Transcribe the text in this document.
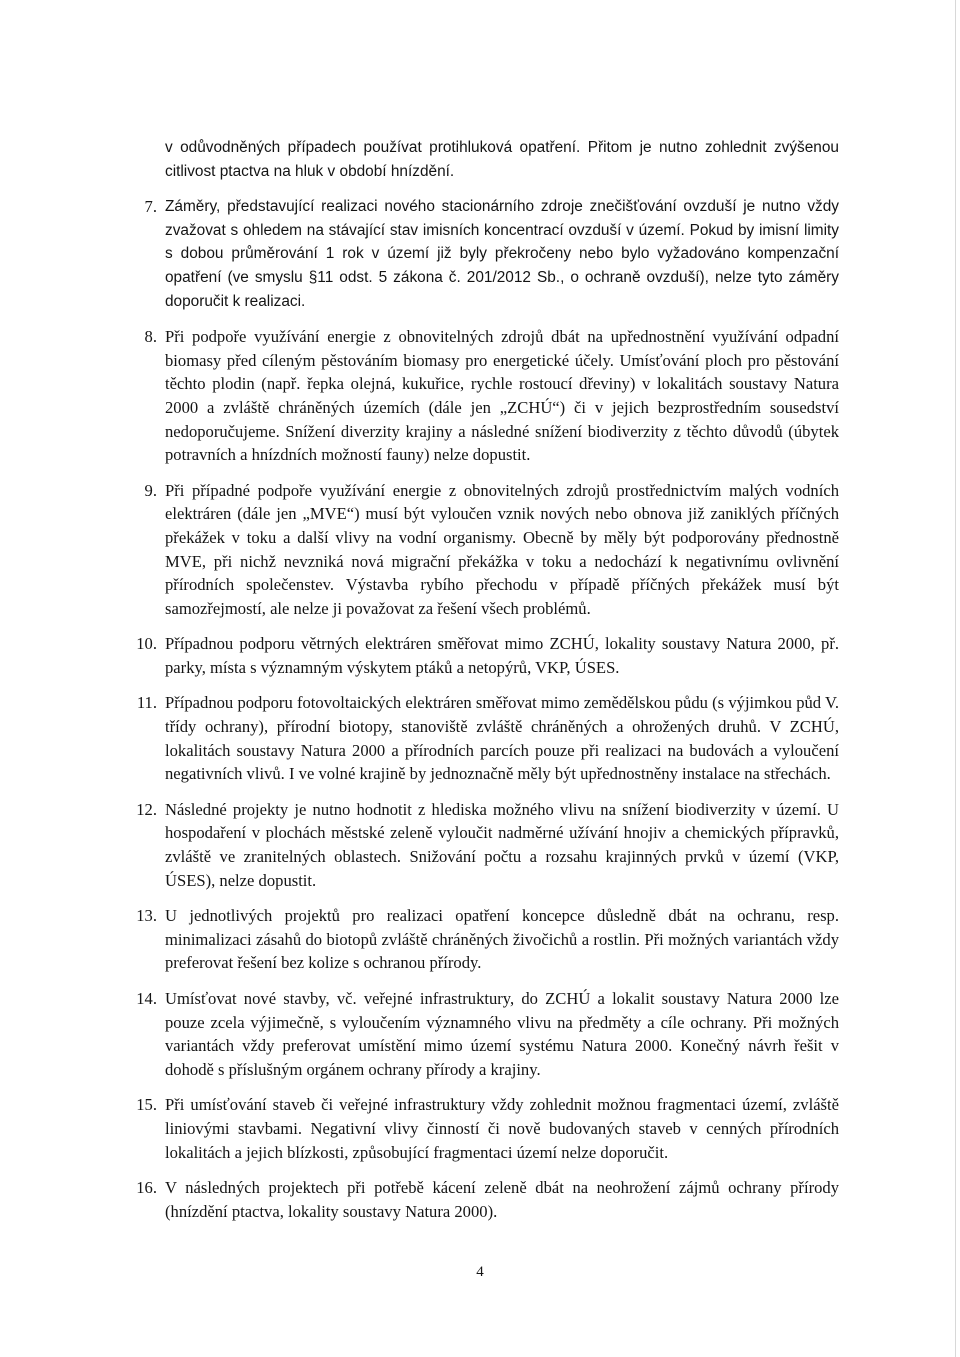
v odůvodněných případech používat protihluková opatření. Přitom je nutno zohlednit zvýšenou citlivost ptactva na hluk v období hnízdění.

7. Záměry, představující realizaci nového stacionárního zdroje znečišťování ovzduší je nutno vždy zvažovat s ohledem na stávající stav imisních koncentrací ovzduší v území. Pokud by imisní limity s dobou průměrování 1 rok v území již byly překročeny nebo bylo vyžadováno kompenzační opatření (ve smyslu §11 odst. 5 zákona č. 201/2012 Sb., o ochraně ovzduší), nelze tyto záměry doporučit k realizaci.

8. Při podpoře využívání energie z obnovitelných zdrojů dbát na upřednostnění využívání odpadní biomasy před cíleným pěstováním biomasy pro energetické účely. Umísťování ploch pro pěstování těchto plodin (např. řepka olejná, kukuřice, rychle rostoucí dřeviny) v lokalitách soustavy Natura 2000 a zvláště chráněných územích (dále jen „ZCHÚ“) či v jejich bezprostředním sousedství nedoporučujeme. Snížení diverzity krajiny a následné snížení biodiverzity z těchto důvodů (úbytek potravních a hnízdních možností fauny) nelze dopustit.

9. Při případné podpoře využívání energie z obnovitelných zdrojů prostřednictvím malých vodních elektráren (dále jen „MVE“) musí být vyloučen vznik nových nebo obnova již zaniklých příčných překážek v toku a další vlivy na vodní organismy. Obecně by měly být podporovány přednostně MVE, při nichž nevzniká nová migrační překážka v toku a nedochází k negativnímu ovlivnění přírodních společenstev. Výstavba rybího přechodu v případě příčných překážek musí být samozřejmostí, ale nelze ji považovat za řešení všech problémů.

10. Případnou podporu větrných elektráren směřovat mimo ZCHÚ, lokality soustavy Natura 2000, př. parky, místa s významným výskytem ptáků a netopýrů, VKP, ÚSES.

11. Případnou podporu fotovoltaických elektráren směřovat mimo zemědělskou půdu (s výjimkou půd V. třídy ochrany), přírodní biotopy, stanoviště zvláště chráněných a ohrožených druhů. V ZCHÚ, lokalitách soustavy Natura 2000 a přírodních parcích pouze při realizaci na budovách a vyloučení negativních vlivů. I ve volné krajině by jednoznačně měly být upřednostněny instalace na střechách.

12. Následné projekty je nutno hodnotit z hlediska možného vlivu na snížení biodiverzity v území. U hospodaření v plochách městské zeleně vyloučit nadměrné užívání hnojiv a chemických přípravků, zvláště ve zranitelných oblastech. Snižování počtu a rozsahu krajinných prvků v území (VKP, ÚSES), nelze dopustit.

13. U jednotlivých projektů pro realizaci opatření koncepce důsledně dbát na ochranu, resp. minimalizaci zásahů do biotopů zvláště chráněných živočichů a rostlin. Při možných variantách vždy preferovat řešení bez kolize s ochranou přírody.

14. Umísťovat nové stavby, vč. veřejné infrastruktury, do ZCHÚ a lokalit soustavy Natura 2000 lze pouze zcela výjimečně, s vyloučením významného vlivu na předměty a cíle ochrany. Při možných variantách vždy preferovat umístění mimo území systému Natura 2000. Konečný návrh řešit v dohodě s příslušným orgánem ochrany přírody a krajiny.

15. Při umísťování staveb či veřejné infrastruktury vždy zohlednit možnou fragmentaci území, zvláště liniovými stavbami. Negativní vlivy činností či nově budovaných staveb v cenných přírodních lokalitách a jejich blízkosti, způsobující fragmentaci území nelze doporučit.

16. V následných projektech při potřebě kácení zeleně dbát na neohrožení zájmů ochrany přírody (hnízdění ptactva, lokality soustavy Natura 2000).

4
